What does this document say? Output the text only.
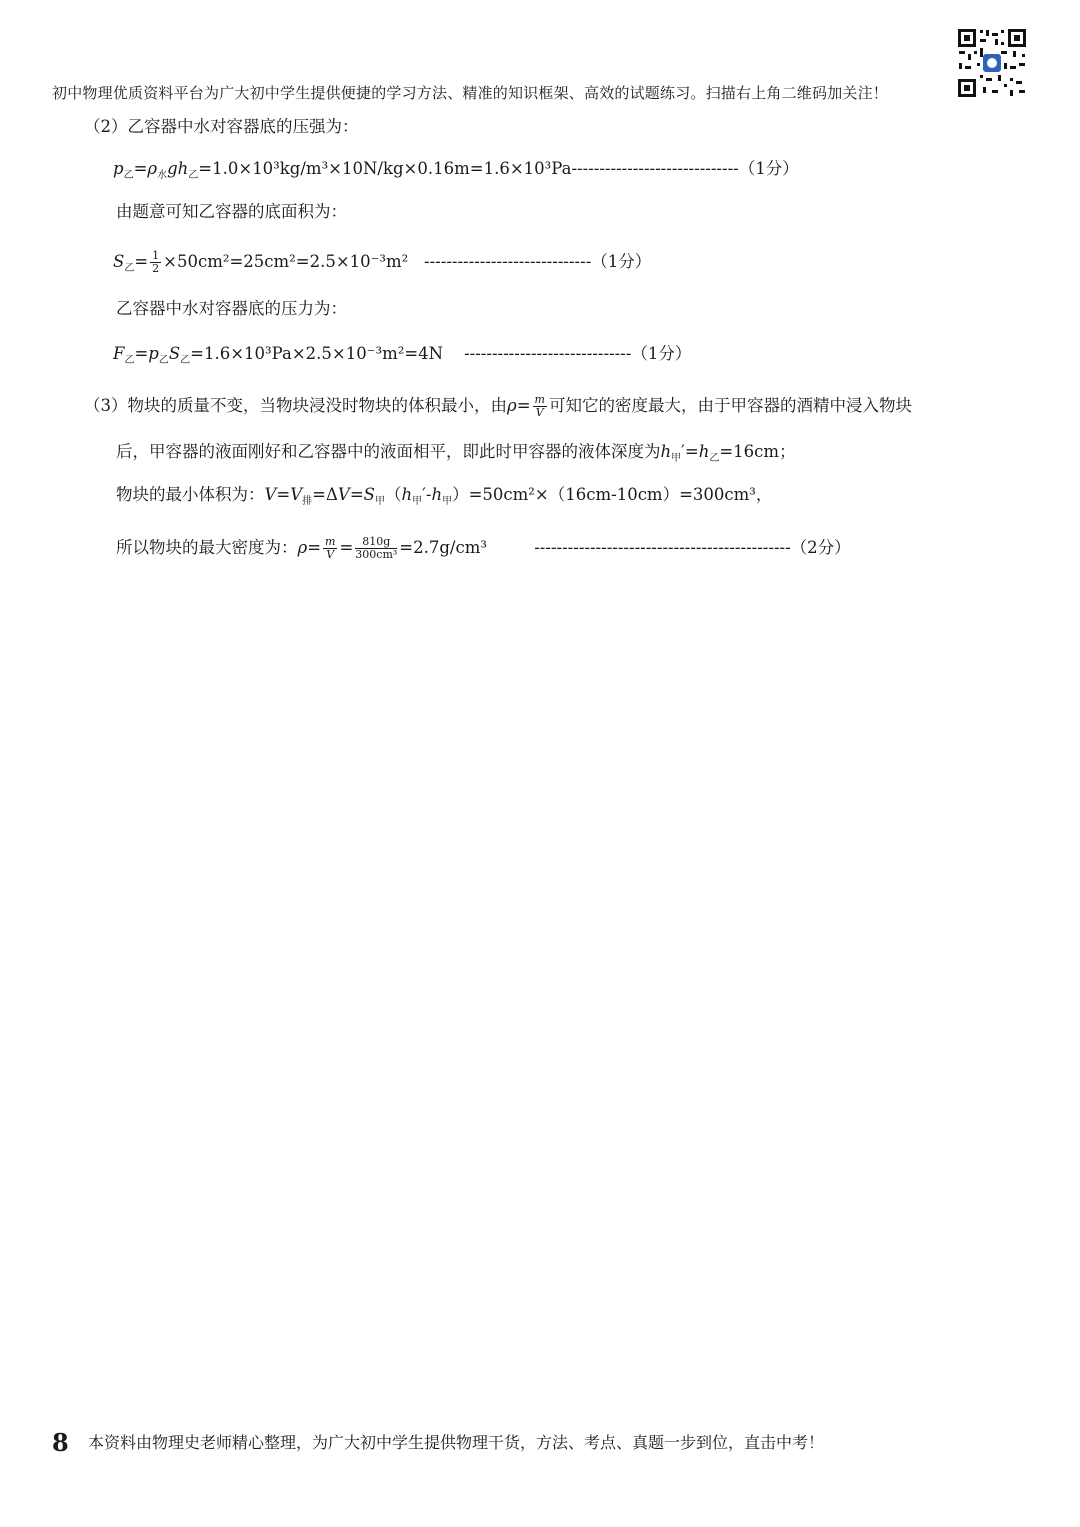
初中物理优质资料平台为广大初中学生提供便捷的学习方法、精准的知识框架、高效的试题练习。扫描右上角二维码加关注！
（2）乙容器中水对容器底的压强为：
$p_乙=\rho_水gh_乙=1.0\times 10^3kg/m^3\times 10N/kg\times 0.16m=1.6\times 10^3Pa------------------------------(1$分）
由题意可知乙容器的底面积为：
$S_乙= \frac{1}{2} \times 50cm^2=25cm^2=2.5\times 10^{-3}m^2$ ------------------------------（1分）
乙容器中水对容器底的压力为：
$F_乙=p_乙S_乙=1.6\times 10^3Pa\times 2.5\times 10^{-3}m^2=4N$ ------------------------------（1分）
（3）物块的质量不变，当物块浸没时物块的体积最小，由$\rho= \frac{m}{V}$ 可知它的密度最大，由于甲容器的酒精中浸入物块
后，甲容器的液面刚好和乙容器中的液面相平，即此时甲容器的液体深度为$h_甲'=h_乙=16cm$；
物块的最小体积为：$V=V_排=\Delta V=S_甲(h_甲'-h_甲)=50cm^2\times(16cm-10cm)=300cm^3$，
所以物块的最大密度为：$\rho= \frac{m}{V} = \frac{810g}{\text{300cm³}} =2.7g/cm^3$	----------------------------------------------（2分）
8 本资料由物理史老师精心整理，为广大初中学生提供物理干货，方法、考点、真题一步到位，直击中考！
